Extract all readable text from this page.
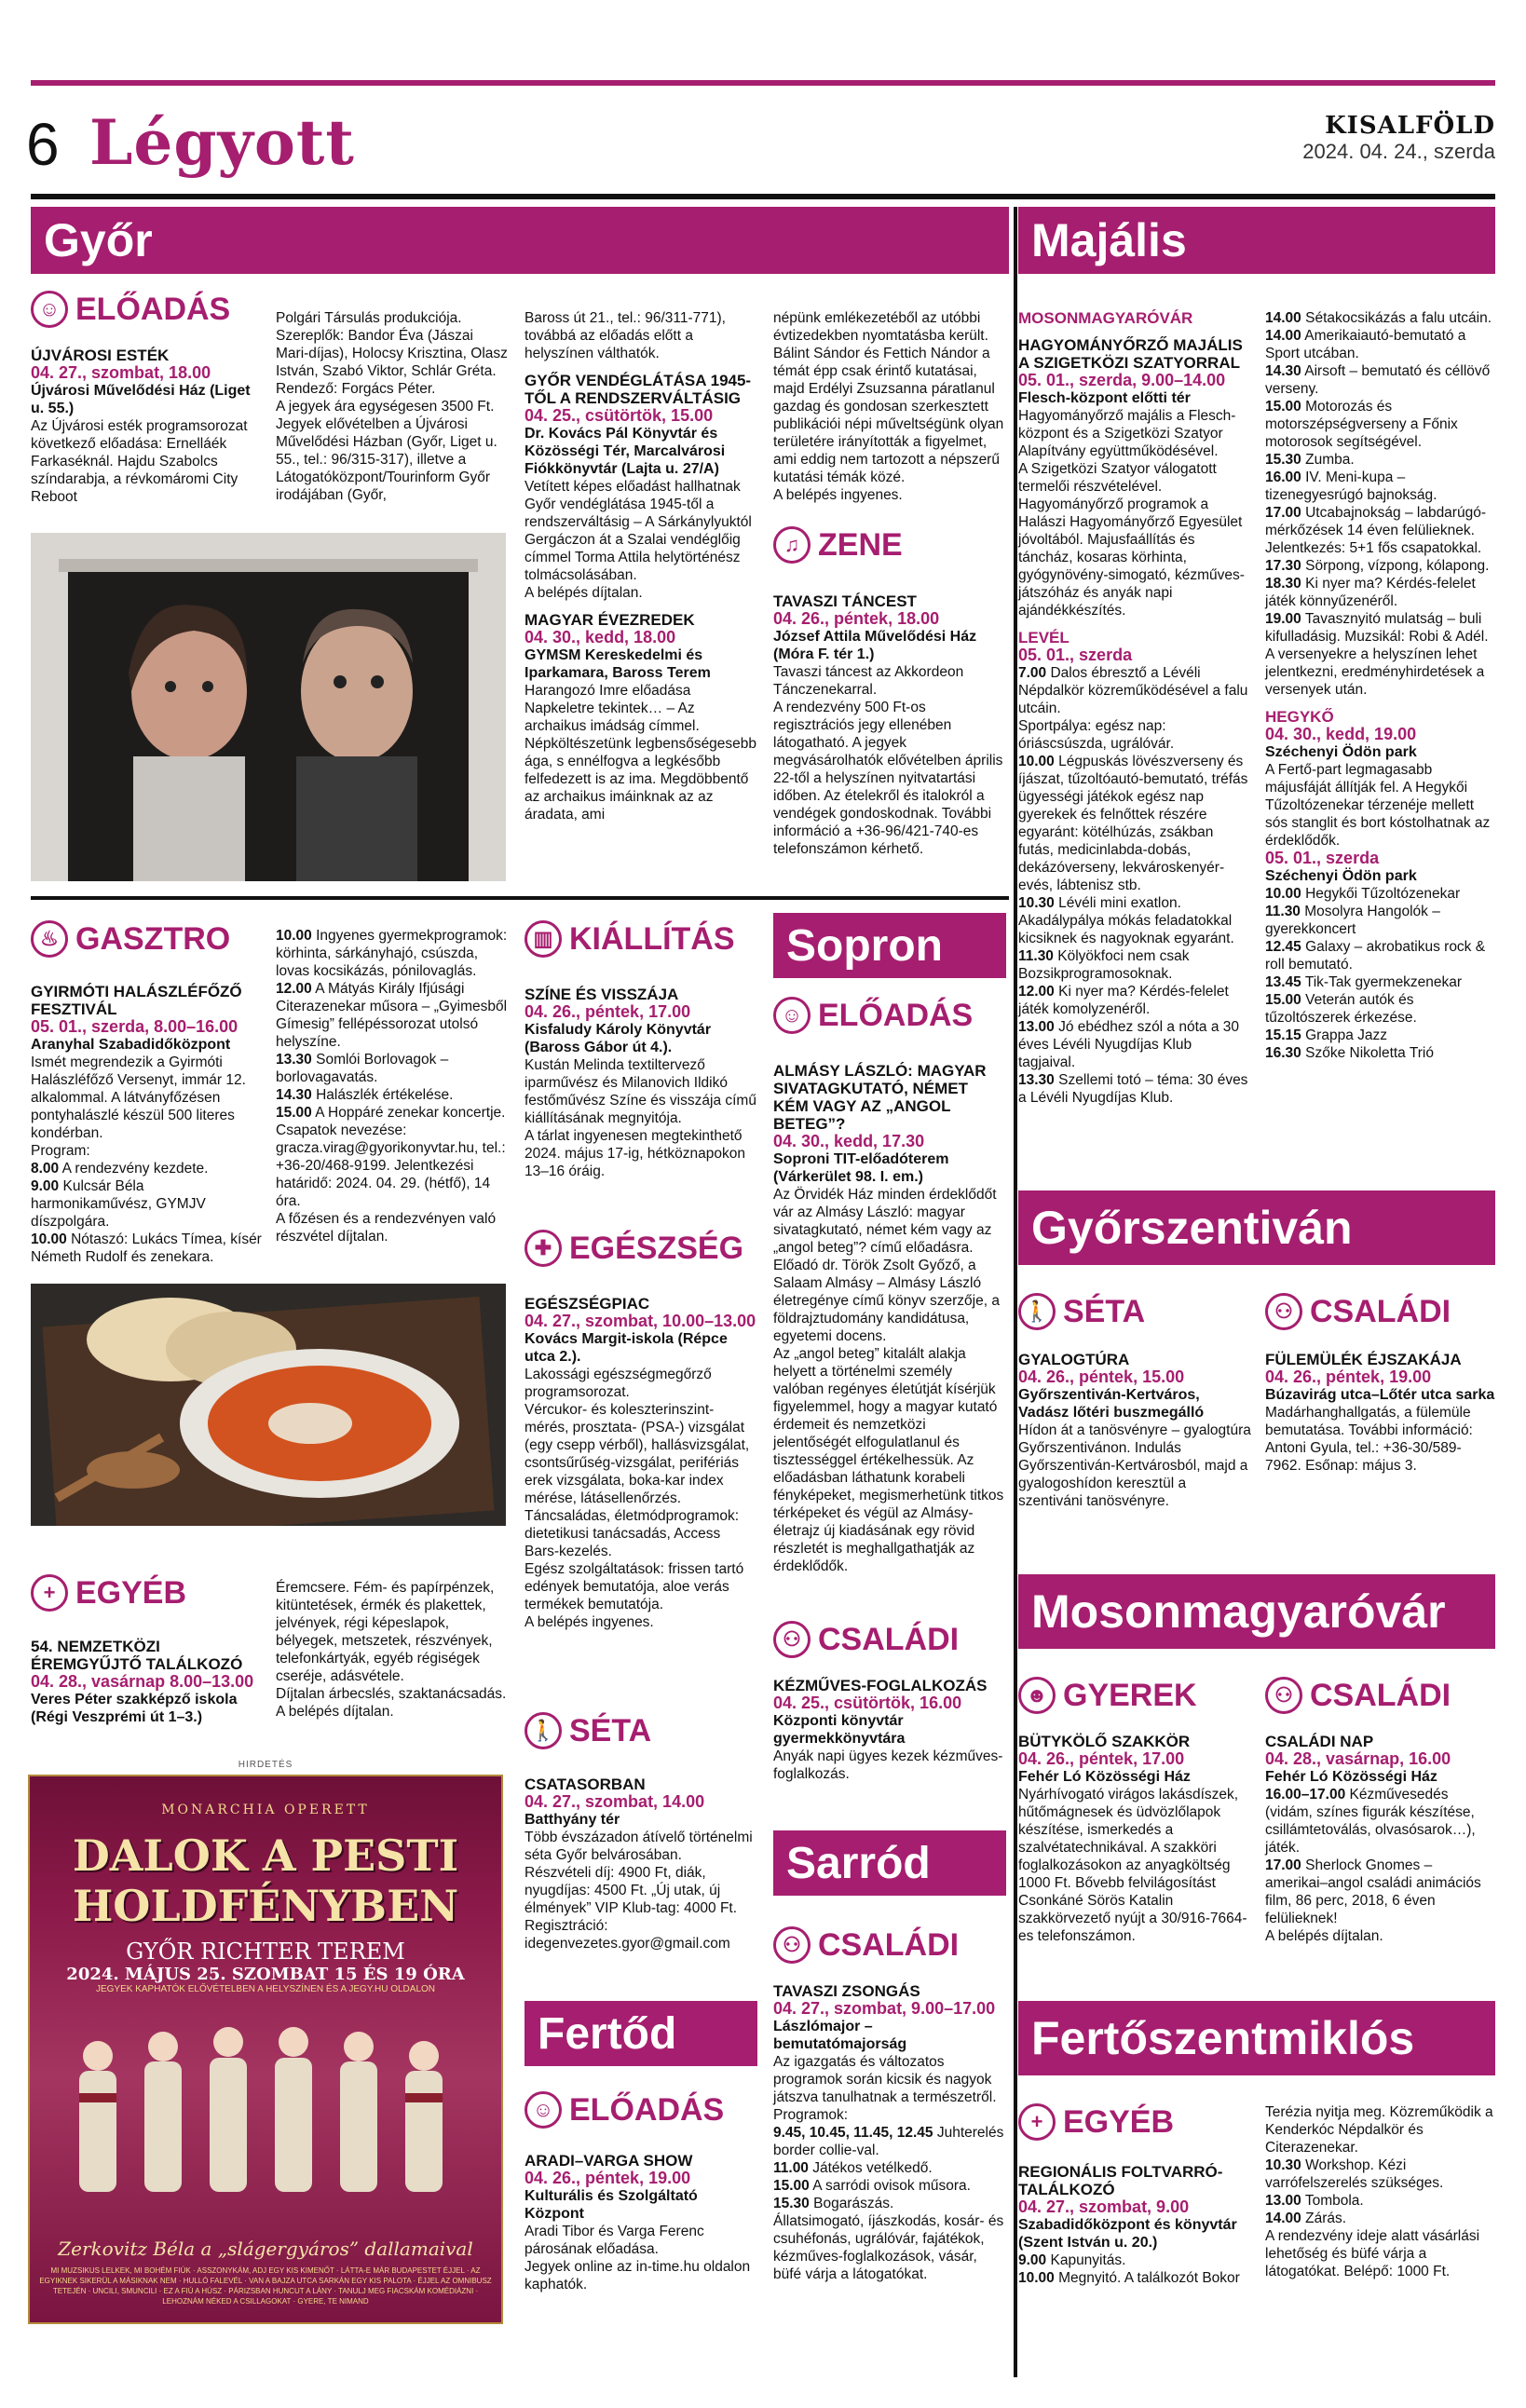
6 Légyott	KISALFÖLD
2024. 04. 24., szerda
Győr	Majális
☺ ELŐADÁS
ÚJVÁROSI ESTÉK
04. 27., szombat, 18.00
Újvárosi Művelődési Ház (Liget u. 55.)
Az Újvárosi esték programsorozat következő előadása: Ernelláék Farkaséknál. Hajdu Szabolcs színdarabja, a révkomáromi City Reboot
Polgári Társulás produkciója. Szereplők: Bandor Éva (Jászai Mari-díjas), Holocsy Krisztina, Olasz István, Szabó Viktor, Schlár Gréta. Rendező: Forgács Péter.
A jegyek ára egységesen 3500 Ft. Jegyek elővételben a Újvárosi Művelődési Házban (Győr, Liget u. 55., tel.: 96/315-317), illetve a Látogatóközpont/Tourinform Győr irodájában (Győr,
Baross út 21., tel.: 96/311-771), továbbá az előadás előtt a helyszínen válthatók.
GYŐR VENDÉGLÁTÁSA 1945-TŐL A RENDSZERVÁLTÁSIG
04. 25., csütörtök, 15.00
Dr. Kovács Pál Könyvtár és Közösségi Tér, Marcalvárosi Fiókkönyvtár (Lajta u. 27/A)
Vetített képes előadást hallhatnak Győr vendéglátása 1945-től a rendszerváltásig – A Sárkánylyuktól Gergáczon át a Szalai vendéglőig címmel Torma Attila helytörténész tolmácsolásában.
A belépés díjtalan.
MAGYAR ÉVEZREDEK
04. 30., kedd, 18.00
GYMSM Kereskedelmi és Iparkamara, Baross Terem
Harangozó Imre előadása Napkeletre tekintek… – Az archaikus imádság címmel.
Népköltészetünk legbensőségesebb ága, s ennélfogva a legkésőbb felfedezett is az ima. Megdöbbentő az archaikus imáinknak az az áradata, ami
népünk emlékezetéből az utóbbi évtizedekben nyomtatásba került. Bálint Sándor és Fettich Nándor a témát épp csak érintő kutatásai, majd Erdélyi Zsuzsanna páratlanul gazdag és gondosan szerkesztett publikációi népi műveltségünk olyan területére irányították a figyelmet, ami eddig nem tartozott a népszerű kutatási témák közé.
A belépés ingyenes.
♫ ZENE
TAVASZI TÁNCEST
04. 26., péntek, 18.00
József Attila Művelődési Ház (Móra F. tér 1.)
Tavaszi táncest az Akkordeon Tánczenekarral.
A rendezvény 500 Ft-os regisztrációs jegy ellenében látogatható. A jegyek megvásárolhatók elővételben április 22-től a helyszínen nyitvatartási időben. Az ételekről és italokról a vendégek gondoskodnak. További információ a +36-96/421-740-es telefonszámon kérhető.
♨ GASZTRO
GYIRMÓTI HALÁSZLÉFŐZŐ FESZTIVÁL
05. 01., szerda, 8.00–16.00
Aranyhal Szabadidőközpont
Ismét megrendezik a Gyirmóti Halászléfőző Versenyt, immár 12. alkalommal. A látványfőzésen pontyhalászlé készül 500 literes kondérban.
Program:
8.00 A rendezvény kezdete.
9.00 Kulcsár Béla harmonikaművész, GYMJV díszpolgára.
10.00 Nótaszó: Lukács Tímea, kísér Németh Rudolf és zenekara.
10.00 Ingyenes gyermekprogramok: körhinta, sárkányhajó, csúszda, lovas kocsikázás, pónilovaglás.
12.00 A Mátyás Király Ifjúsági Citerazenekar műsora – „Gyimesből Gímesig” fellépéssorozat utolsó helyszíne.
13.30 Somlói Borlovagok – borlovagavatás.
14.30 Halászlék értékelése.
15.00 A Hoppáré zenekar koncertje.
Csapatok nevezése: gracza.virag@gyorikonyvtar.hu, tel.: +36-20/468-9199. Jelentkezési határidő: 2024. 04. 29. (hétfő), 14 óra.
A főzésen és a rendezvényen való részvétel díjtalan.
▥ KIÁLLÍTÁS
SZÍNE ÉS VISSZÁJA
04. 26., péntek, 17.00
Kisfaludy Károly Könyvtár (Baross Gábor út 4.).
Kustán Melinda textiltervező iparművész és Milanovich Ildikó festőművész Színe és visszája című kiállításának megnyitója.
A tárlat ingyenesen megtekinthető 2024. május 17-ig, hétköznapokon 13–16 óráig.
✚ EGÉSZSÉG
EGÉSZSÉGPIAC
04. 27., szombat, 10.00–13.00
Kovács Margit-iskola (Répce utca 2.).
Lakossági egészségmegőrző programsorozat.
Vércukor- és koleszterinszint-mérés, prosztata- (PSA-) vizsgálat (egy csepp vérből), hallásvizsgálat, csontsűrűség-vizsgálat, perifériás erek vizsgálata, boka-kar index mérése, látásellenőrzés.
Táncsaládas, életmódprogramok: dietetikusi tanácsadás, Access Bars-kezelés.
Egész szolgáltatások: frissen tartó edények bemutatója, aloe verás termékek bemutatója.
A belépés ingyenes.
🚶 SÉTA
CSATASORBAN
04. 27., szombat, 14.00
Batthyány tér
Több évszázadon átívelő történelmi séta Győr belvárosában.
Részvételi díj: 4900 Ft, diák, nyugdíjas: 4500 Ft. „Új utak, új élmények” VIP Klub-tag: 4000 Ft. Regisztráció: idegenvezetes.gyor@gmail.com
+ EGYÉB
54. NEMZETKÖZI ÉREMGYŰJTŐ TALÁLKOZÓ
04. 28., vasárnap 8.00–13.00
Veres Péter szakképző iskola (Régi Veszprémi út 1–3.)
Éremcsere. Fém- és papírpénzek, kitüntetések, érmék és plakettek, jelvények, régi képeslapok, bélyegek, metszetek, részvények, telefonkártyák, egyéb régiségek cseréje, adásvétele.
Díjtalan árbecslés, szaktanácsadás.
A belépés díjtalan.
HIRDETÉS
MONARCHIA OPERETT
DALOK A PESTI
HOLDFÉNYBEN
GYŐR RICHTER TEREM
2024. MÁJUS 25. SZOMBAT 15 ÉS 19 ÓRA
JEGYEK KAPHATÓK ELŐVÉTELBEN A HELYSZÍNEN ÉS A JEGY.HU OLDALON
Zerkovitz Béla a „slágergyáros” dallamaival
MI MUZSIKUS LELKEK, MI BOHÉM FIÚK · ASSZONYKÁM, ADJ EGY KIS KIMENŐT · LÁTTA-E MÁR BUDAPESTET ÉJJEL · AZ EGYIKNEK SIKERÜL A MÁSIKNAK NEM · HULLÓ FALEVÉL · VAN A BAJZA UTCA SARKÁN EGY KIS PALOTA · ÉJJEL AZ OMNIBUSZ TETEJÉN · UNCILI, SMUNCILI · EZ A FIÚ A HÚSZ · PÁRIZSBAN HUNCUT A LÁNY · TANULJ MEG FIACSKÁM KOMÉDIÁZNI · LEHOZNÁM NÉKED A CSILLAGOKAT · GYERE, TE NIMAND
Sopron
☺ ELŐADÁS
ALMÁSY LÁSZLÓ: MAGYAR SIVATAGKUTATÓ, NÉMET KÉM VAGY AZ „ANGOL BETEG”?
04. 30., kedd, 17.30
Soproni TIT-előadóterem (Várkerület 98. I. em.)
Az Örvidék Ház minden érdeklődőt vár az Almásy László: magyar sivatagkutató, német kém vagy az „angol beteg”? című előadásra. Előadó dr. Török Zsolt Győző, a Salaam Almásy – Almásy László életregénye című könyv szerzője, a földrajztudomány kandidátusa, egyetemi docens.
Az „angol beteg” kitalált alakja helyett a történelmi személy valóban regényes életútját kísérjük figyelemmel, hogy a magyar kutató érdemeit és nemzetközi jelentőségét elfogulatlanul és tisztességgel értékelhessük. Az előadásban láthatunk korabeli fényképeket, megismerhetünk titkos térképeket és végül az Almásy-életrajz új kiadásának egy rövid részletét is meghallgathatják az érdeklődők.
⚇ CSALÁDI
KÉZMŰVES-FOGLALKOZÁS
04. 25., csütörtök, 16.00
Központi könyvtár gyermekkönyvtára
Anyák napi ügyes kezek kézműves-foglalkozás.
Sarród
⚇ CSALÁDI
TAVASZI ZSONGÁS
04. 27., szombat, 9.00–17.00
Lászlómajor – bemutatómajorság
Az igazgatás és változatos programok során kicsik és nagyok játszva tanulhatnak a természetről.
Programok:
9.45, 10.45, 11.45, 12.45 Juhterelés border collie-val.
11.00 Játékos vetélkedő.
15.00 A sarródi ovisok műsora.
15.30 Bogarászás.
Állatsimogató, íjászkodás, kosár- és csuhéfonás, ugrálóvár, fajátékok, kézműves-foglalkozások, vásár, büfé várja a látogatókat.
Fertőd
☺ ELŐADÁS
ARADI–VARGA SHOW
04. 26., péntek, 19.00
Kulturális és Szolgáltató Központ
Aradi Tibor és Varga Ferenc párosának előadása.
Jegyek online az in-time.hu oldalon kaphatók.
MOSONMAGYARÓVÁR
HAGYOMÁNYŐRZŐ MAJÁLIS A SZIGETKÖZI SZATYORRAL
05. 01., szerda, 9.00–14.00
Flesch-központ előtti tér
Hagyományőrző majális a Flesch-központ és a Szigetközi Szatyor Alapítvány együttműködésével.
A Szigetközi Szatyor válogatott termelői részvételével. Hagyományőrző programok a Halászi Hagyományőrző Egyesület jóvoltából. Majusfaállítás és táncház, kosaras körhinta, gyógynövény-simogató, kézműves-játszóház és anyák napi ajándékkészítés.
LEVÉL
05. 01., szerda
7.00 Dalos ébresztő a Lévéli Népdalkör közreműködésével a falu utcáin.
Sportpálya: egész nap: óriáscsúszda, ugrálóvár.
10.00 Légpuskás lövészverseny és íjászat, tűzoltóautó-bemutató, tréfás ügyességi játékok egész nap gyerekek és felnőttek részére egyaránt: kötélhúzás, zsákban futás, medicinlabda-dobás, dekázóverseny, lekvároskenyér-evés, lábtenisz stb.
10.30 Lévéli mini exatlon. Akadálypálya mókás feladatokkal kicsiknek és nagyoknak egyaránt.
11.30 Kölyökfoci nem csak Bozsikprogramosoknak.
12.00 Ki nyer ma? Kérdés-felelet játék komolyzenéről.
13.00 Jó ebédhez szól a nóta a 30 éves Lévéli Nyugdíjas Klub tagjaival.
13.30 Szellemi totó – téma: 30 éves a Lévéli Nyugdíjas Klub.
14.00 Sétakocsikázás a falu utcáin.
14.00 Amerikaiautó-bemutató a Sport utcában.
14.30 Airsoft – bemutató és céllövő verseny.
15.00 Motorozás és motorszépségverseny a Főnix motorosok segítségével.
15.30 Zumba.
16.00 IV. Meni-kupa – tizenegyesrúgó bajnokság.
17.00 Utcabajnokság – labdarúgó-mérkőzések 14 éven felülieknek. Jelentkezés: 5+1 fős csapatokkal.
17.30 Sörpong, vízpong, kólapong.
18.30 Ki nyer ma? Kérdés-felelet játék könnyűzenéről.
19.00 Tavasznyitó mulatság – buli kifulladásig. Muzsikál: Robi & Adél.
A versenyekre a helyszínen lehet jelentkezni, eredményhirdetések a versenyek után.
HEGYKŐ
04. 30., kedd, 19.00
Széchenyi Ödön park
A Fertő-part legmagasabb májusfáját állítják fel. A Hegykői Tűzoltózenekar térzenéje mellett sós stanglit és bort kóstolhatnak az érdeklődők.
05. 01., szerda
Széchenyi Ödön park
10.00 Hegykői Tűzoltózenekar
11.30 Mosolyra Hangolók – gyerekkoncert
12.45 Galaxy – akrobatikus rock & roll bemutató.
13.45 Tik-Tak gyermekzenekar
15.00 Veterán autók és tűzoltószerek érkezése.
15.15 Grappa Jazz
16.30 Szőke Nikoletta Trió
Győrszentiván
🚶 SÉTA
GYALOGTÚRA
04. 26., péntek, 15.00
Győrszentiván-Kertváros, Vadász lőtéri buszmegálló
Hídon át a tanösvényre – gyalogtúra Győrszentivánon. Indulás Győrszentiván-Kertvárosból, majd a gyalogoshídon keresztül a szentiváni tanösvényre.
⚇ CSALÁDI
FÜLEMÜLÉK ÉJSZAKÁJA
04. 26., péntek, 19.00
Búzavirág utca–Lőtér utca sarka
Madárhanghallgatás, a fülemüle bemutatása. További információ: Antoni Gyula, tel.: +36-30/589-7962. Esőnap: május 3.
Mosonmagyaróvár
☻ GYEREK
BÜTYKÖLŐ SZAKKÖR
04. 26., péntek, 17.00
Fehér Ló Közösségi Ház
Nyárhívogató virágos lakásdíszek, hűtőmágnesek és üdvözlőlapok készítése, ismerkedés a szalvétatechnikával. A szakköri foglalkozásokon az anyagköltség 1000 Ft. Bővebb felvilágosítást Csonkáné Sörös Katalin szakkörvezető nyújt a 30/916-7664-es telefonszámon.
⚇ CSALÁDI
CSALÁDI NAP
04. 28., vasárnap, 16.00
Fehér Ló Közösségi Ház
16.00–17.00 Kézművesedés (vidám, színes figurák készítése, csillámtetoválás, olvasósarok…), játék.
17.00 Sherlock Gnomes – amerikai–angol családi animációs film, 86 perc, 2018, 6 éven felülieknek!
A belépés díjtalan.
Fertőszentmiklós
+ EGYÉB
REGIONÁLIS FOLTVARRÓ-TALÁLKOZÓ
04. 27., szombat, 9.00
Szabadidőközpont és könyvtár (Szent István u. 20.)
9.00 Kapunyitás.
10.00 Megnyitó. A találkozót Bokor
Terézia nyitja meg. Közreműködik a Kenderkóc Népdalkör és Citerazenekar.
10.30 Workshop. Kézi varrófelszerelés szükséges.
13.00 Tombola.
14.00 Zárás.
A rendezvény ideje alatt vásárlási lehetőség és büfé várja a látogatókat. Belépő: 1000 Ft.
